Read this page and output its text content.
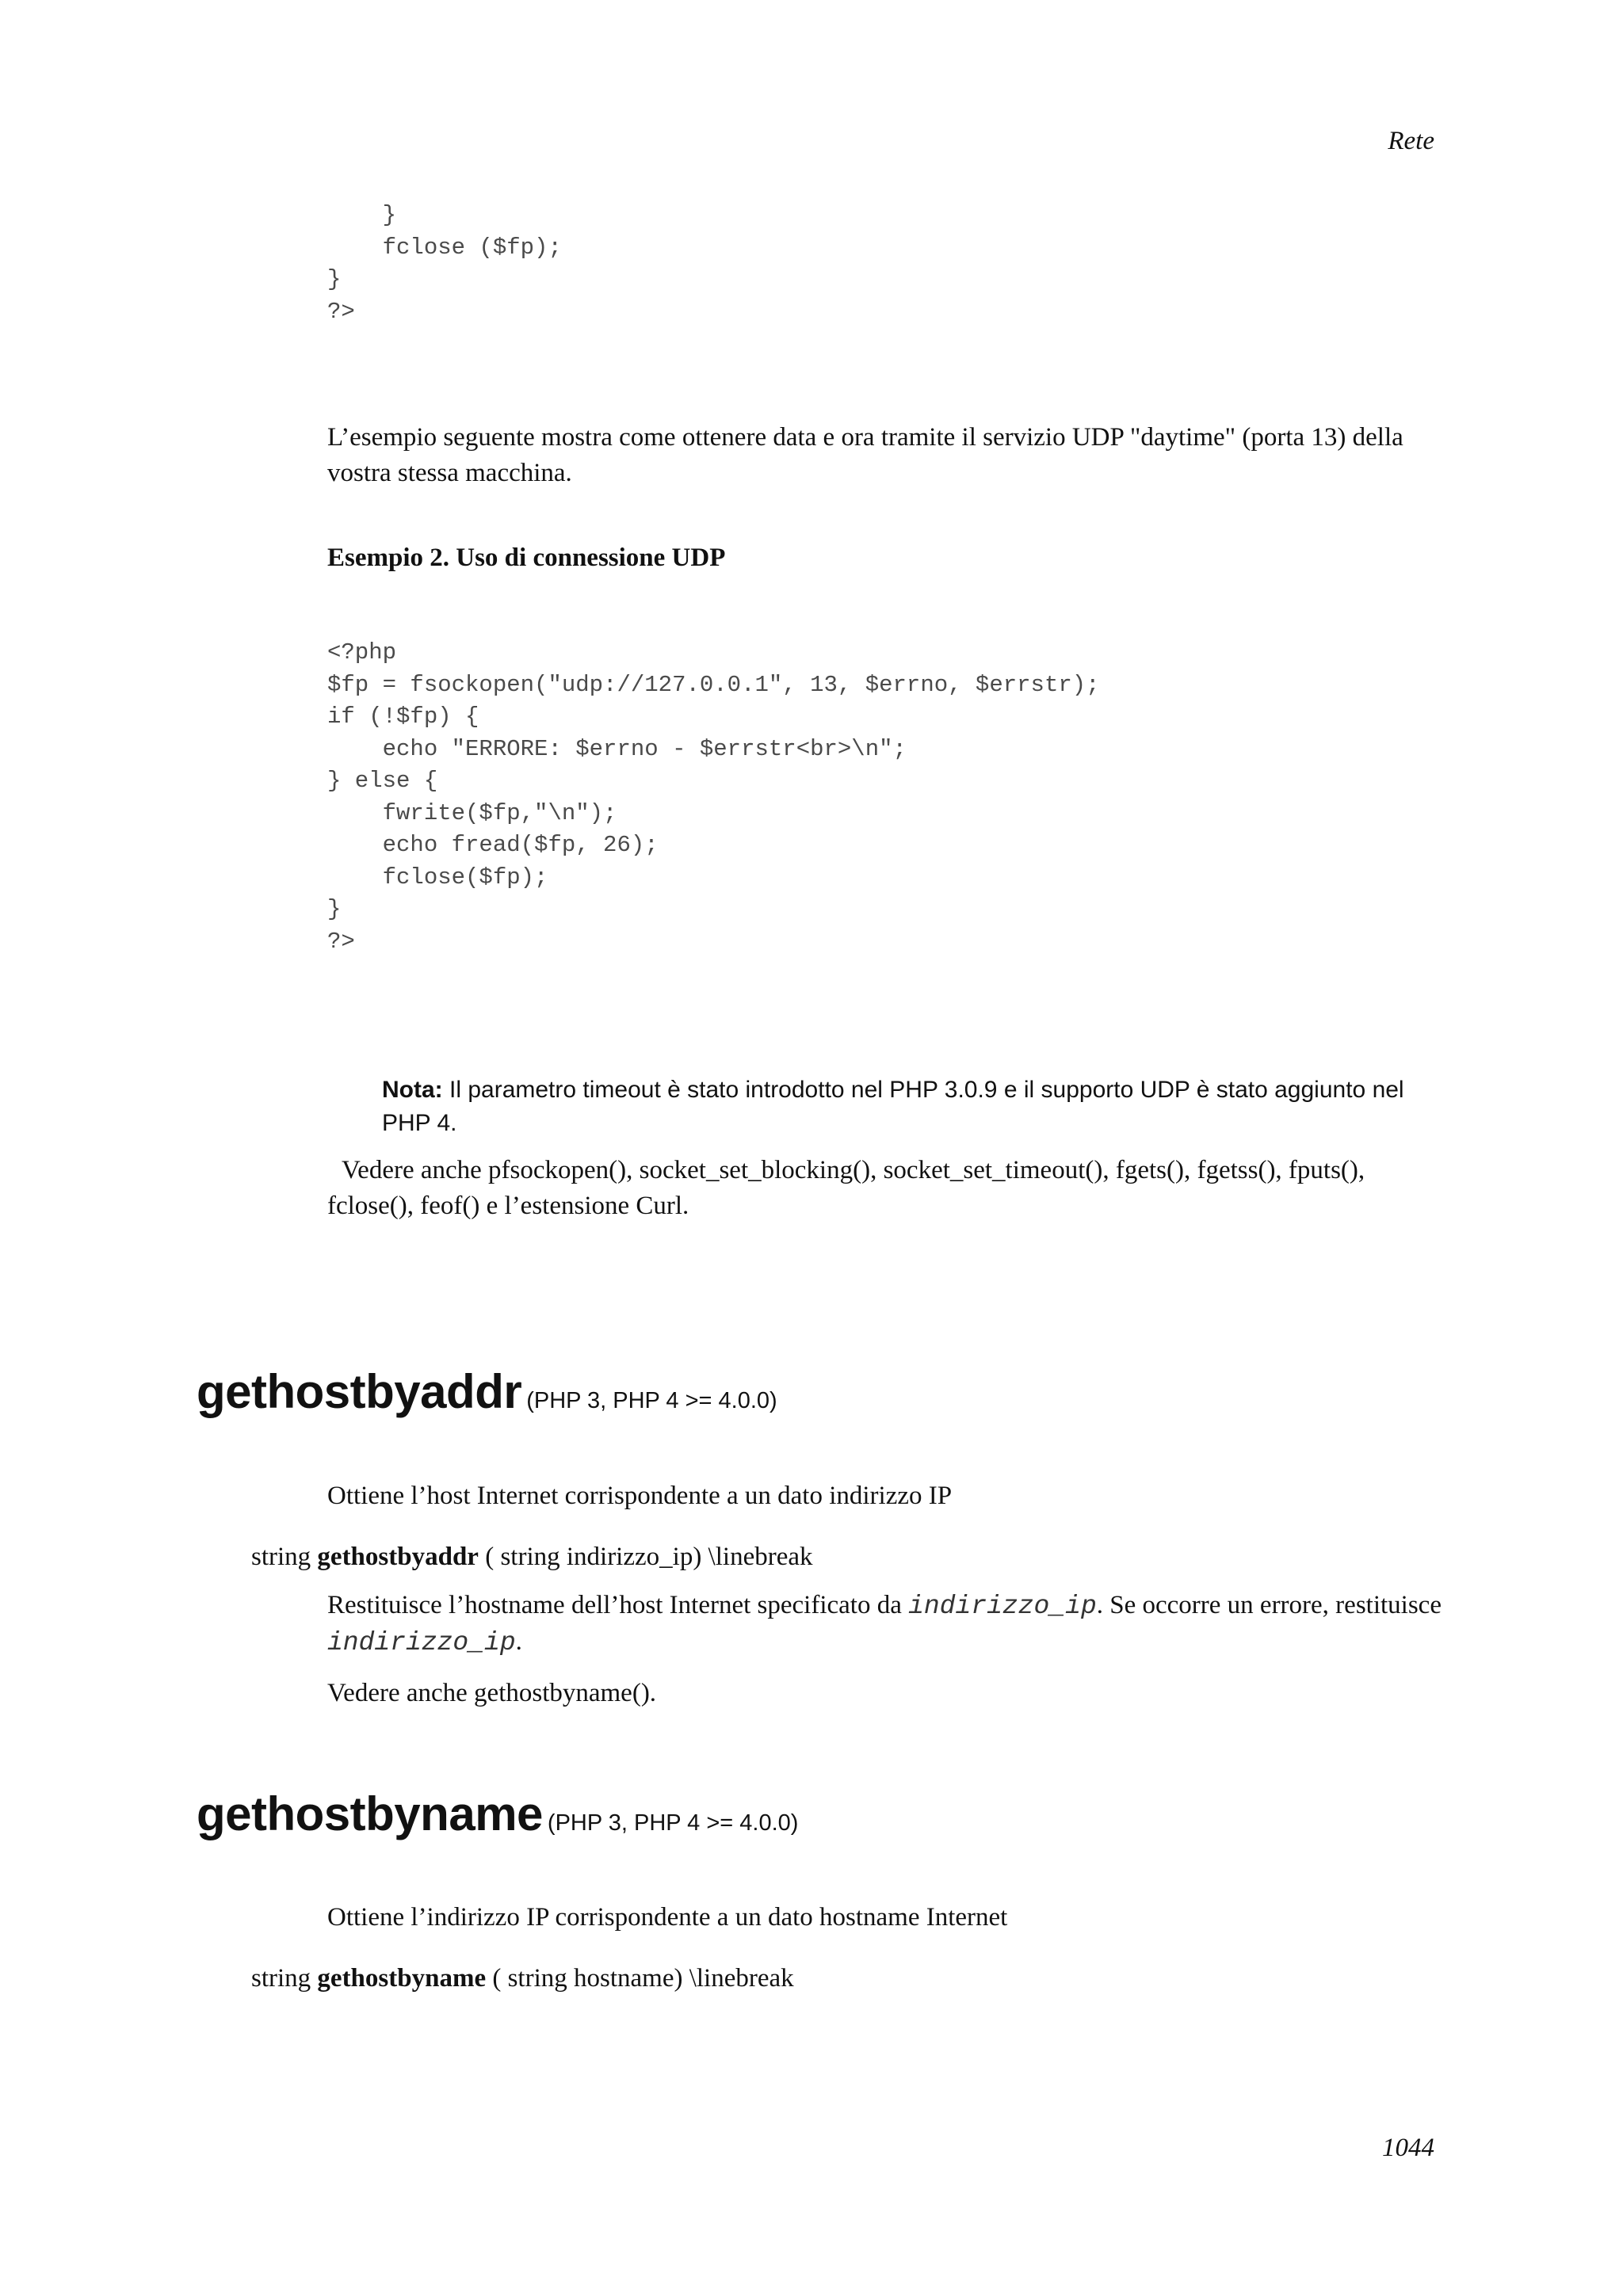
Rete
}
fclose ($fp);
}
?>

L’esempio seguente mostra come ottenere data e ora tramite il servizio UDP "daytime" (porta 13) della vostra stessa macchina.

Esempio 2. Uso di connessione UDP
<?php
$fp = fsockopen("udp://127.0.0.1", 13, $errno, $errstr);
if (!$fp) {
echo "ERRORE: $errno - $errstr<br>\n";
} else {
fwrite($fp,"\n");
echo fread($fp, 26);
fclose($fp);
}
?>
Nota: Il parametro timeout è stato introdotto nel PHP 3.0.9 e il supporto UDP è stato aggiunto nel PHP 4.

Vedere anche pfsockopen(), socket_set_blocking(), socket_set_timeout(), fgets(), fgetss(), fputs(), fclose(), feof() e l’estensione Curl.

gethostbyaddr (PHP 3, PHP 4 >= 4.0.0)

Ottiene l’host Internet corrispondente a un dato indirizzo IP

string gethostbyaddr ( string indirizzo_ip) \linebreak

Restituisce l’hostname dell’host Internet specificato da indirizzo_ip. Se occorre un errore, restituisce indirizzo_ip.

Vedere anche gethostbyname().

gethostbyname (PHP 3, PHP 4 >= 4.0.0)

Ottiene l’indirizzo IP corrispondente a un dato hostname Internet

string gethostbyname ( string hostname) \linebreak

1044
